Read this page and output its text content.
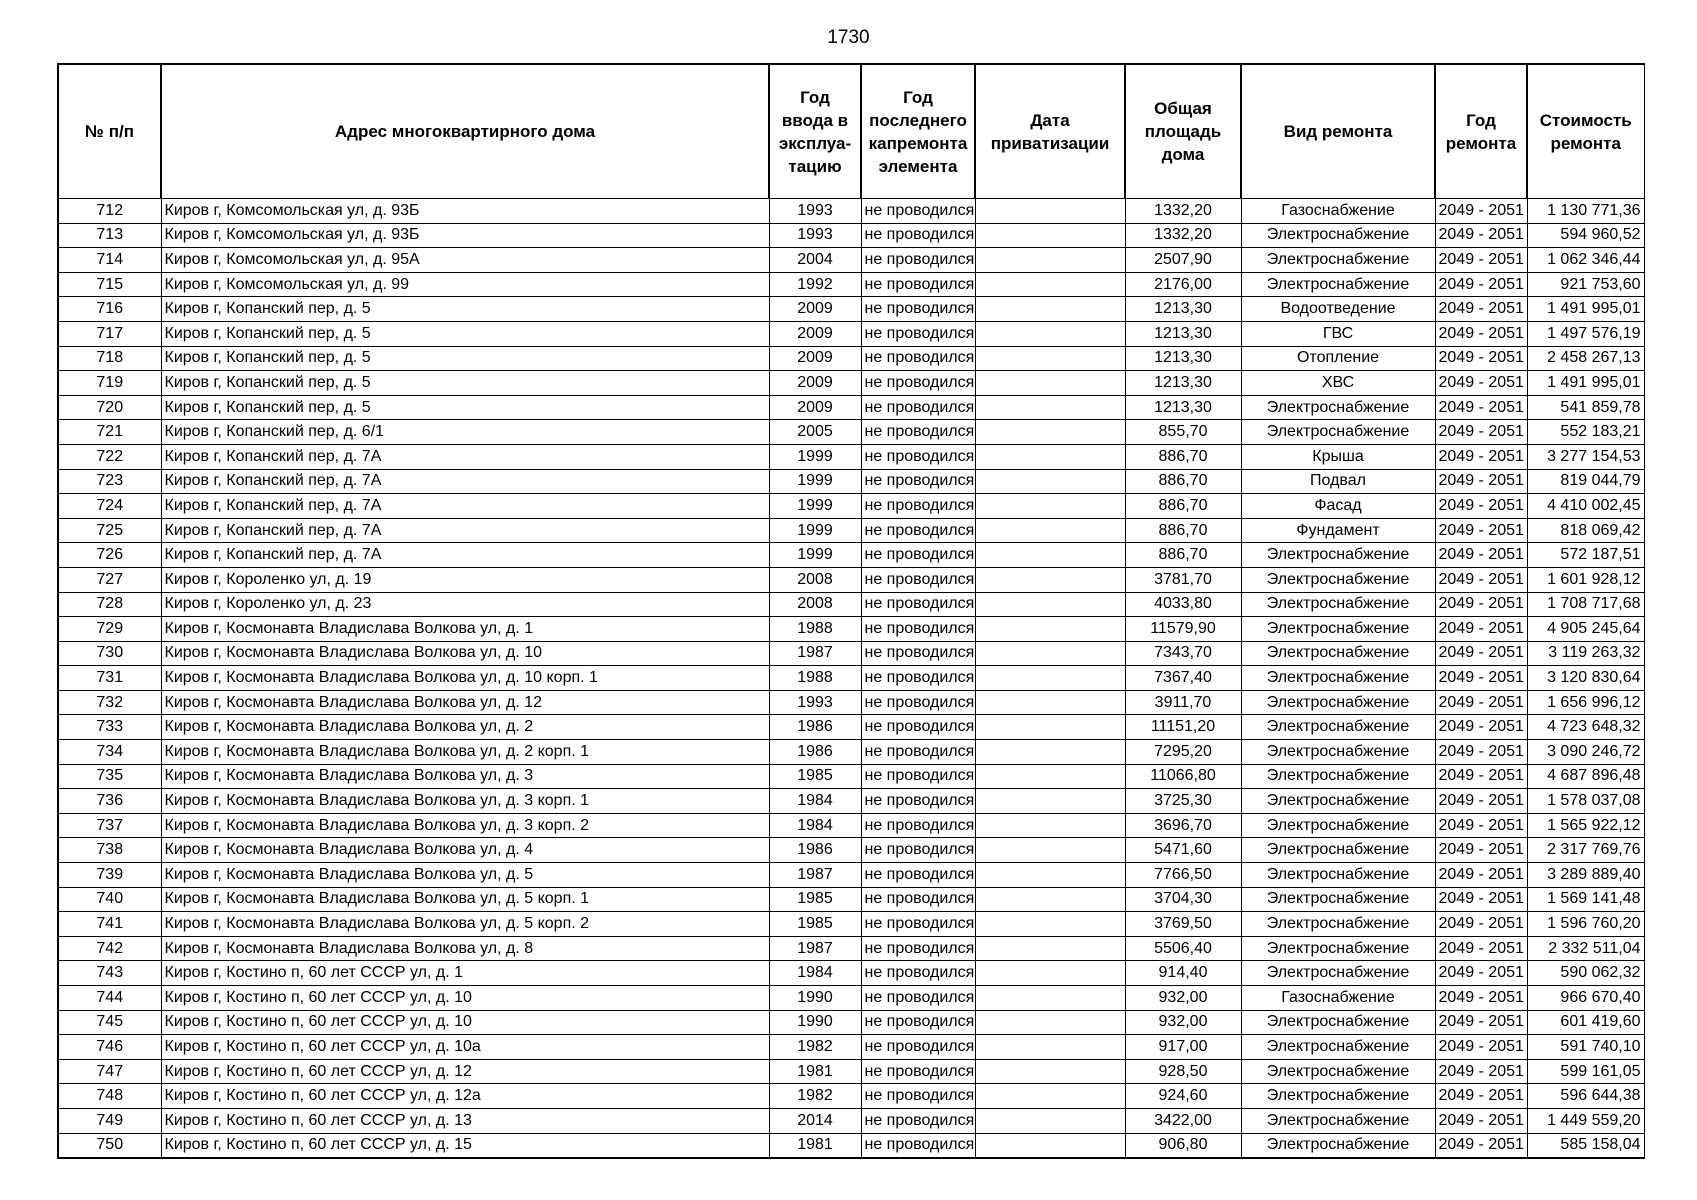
1730
№ п/п	Адрес многоквартирного дома	Год ввода в эксплуа-тацию	Год последнего капремонта элемента	Дата приватизации	Общая площадь дома	Вид ремонта	Год ремонта	Стоимость ремонта
712	Киров г, Комсомольская ул, д. 93Б	1993	не проводился		1332,20	Газоснабжение	2049 - 2051	1 130 771,36
713	Киров г, Комсомольская ул, д. 93Б	1993	не проводился		1332,20	Электроснабжение	2049 - 2051	594 960,52
714	Киров г, Комсомольская ул, д. 95А	2004	не проводился		2507,90	Электроснабжение	2049 - 2051	1 062 346,44
715	Киров г, Комсомольская ул, д. 99	1992	не проводился		2176,00	Электроснабжение	2049 - 2051	921 753,60
716	Киров г, Копанский пер, д. 5	2009	не проводился		1213,30	Водоотведение	2049 - 2051	1 491 995,01
717	Киров г, Копанский пер, д. 5	2009	не проводился		1213,30	ГВС	2049 - 2051	1 497 576,19
718	Киров г, Копанский пер, д. 5	2009	не проводился		1213,30	Отопление	2049 - 2051	2 458 267,13
719	Киров г, Копанский пер, д. 5	2009	не проводился		1213,30	ХВС	2049 - 2051	1 491 995,01
720	Киров г, Копанский пер, д. 5	2009	не проводился		1213,30	Электроснабжение	2049 - 2051	541 859,78
721	Киров г, Копанский пер, д. 6/1	2005	не проводился		855,70	Электроснабжение	2049 - 2051	552 183,21
722	Киров г, Копанский пер, д. 7А	1999	не проводился		886,70	Крыша	2049 - 2051	3 277 154,53
723	Киров г, Копанский пер, д. 7А	1999	не проводился		886,70	Подвал	2049 - 2051	819 044,79
724	Киров г, Копанский пер, д. 7А	1999	не проводился		886,70	Фасад	2049 - 2051	4 410 002,45
725	Киров г, Копанский пер, д. 7А	1999	не проводился		886,70	Фундамент	2049 - 2051	818 069,42
726	Киров г, Копанский пер, д. 7А	1999	не проводился		886,70	Электроснабжение	2049 - 2051	572 187,51
727	Киров г, Короленко ул, д. 19	2008	не проводился		3781,70	Электроснабжение	2049 - 2051	1 601 928,12
728	Киров г, Короленко ул, д. 23	2008	не проводился		4033,80	Электроснабжение	2049 - 2051	1 708 717,68
729	Киров г, Космонавта Владислава Волкова ул, д. 1	1988	не проводился		11579,90	Электроснабжение	2049 - 2051	4 905 245,64
730	Киров г, Космонавта Владислава Волкова ул, д. 10	1987	не проводился		7343,70	Электроснабжение	2049 - 2051	3 119 263,32
731	Киров г, Космонавта Владислава Волкова ул, д. 10 корп. 1	1988	не проводился		7367,40	Электроснабжение	2049 - 2051	3 120 830,64
732	Киров г, Космонавта Владислава Волкова ул, д. 12	1993	не проводился		3911,70	Электроснабжение	2049 - 2051	1 656 996,12
733	Киров г, Космонавта Владислава Волкова ул, д. 2	1986	не проводился		11151,20	Электроснабжение	2049 - 2051	4 723 648,32
734	Киров г, Космонавта Владислава Волкова ул, д. 2 корп. 1	1986	не проводился		7295,20	Электроснабжение	2049 - 2051	3 090 246,72
735	Киров г, Космонавта Владислава Волкова ул, д. 3	1985	не проводился		11066,80	Электроснабжение	2049 - 2051	4 687 896,48
736	Киров г, Космонавта Владислава Волкова ул, д. 3 корп. 1	1984	не проводился		3725,30	Электроснабжение	2049 - 2051	1 578 037,08
737	Киров г, Космонавта Владислава Волкова ул, д. 3 корп. 2	1984	не проводился		3696,70	Электроснабжение	2049 - 2051	1 565 922,12
738	Киров г, Космонавта Владислава Волкова ул, д. 4	1986	не проводился		5471,60	Электроснабжение	2049 - 2051	2 317 769,76
739	Киров г, Космонавта Владислава Волкова ул, д. 5	1987	не проводился		7766,50	Электроснабжение	2049 - 2051	3 289 889,40
740	Киров г, Космонавта Владислава Волкова ул, д. 5 корп. 1	1985	не проводился		3704,30	Электроснабжение	2049 - 2051	1 569 141,48
741	Киров г, Космонавта Владислава Волкова ул, д. 5 корп. 2	1985	не проводился		3769,50	Электроснабжение	2049 - 2051	1 596 760,20
742	Киров г, Космонавта Владислава Волкова ул, д. 8	1987	не проводился		5506,40	Электроснабжение	2049 - 2051	2 332 511,04
743	Киров г, Костино п, 60 лет СССР ул, д. 1	1984	не проводился		914,40	Электроснабжение	2049 - 2051	590 062,32
744	Киров г, Костино п, 60 лет СССР ул, д. 10	1990	не проводился		932,00	Газоснабжение	2049 - 2051	966 670,40
745	Киров г, Костино п, 60 лет СССР ул, д. 10	1990	не проводился		932,00	Электроснабжение	2049 - 2051	601 419,60
746	Киров г, Костино п, 60 лет СССР ул, д. 10а	1982	не проводился		917,00	Электроснабжение	2049 - 2051	591 740,10
747	Киров г, Костино п, 60 лет СССР ул, д. 12	1981	не проводился		928,50	Электроснабжение	2049 - 2051	599 161,05
748	Киров г, Костино п, 60 лет СССР ул, д. 12а	1982	не проводился		924,60	Электроснабжение	2049 - 2051	596 644,38
749	Киров г, Костино п, 60 лет СССР ул, д. 13	2014	не проводился		3422,00	Электроснабжение	2049 - 2051	1 449 559,20
750	Киров г, Костино п, 60 лет СССР ул, д. 15	1981	не проводился		906,80	Электроснабжение	2049 - 2051	585 158,04
